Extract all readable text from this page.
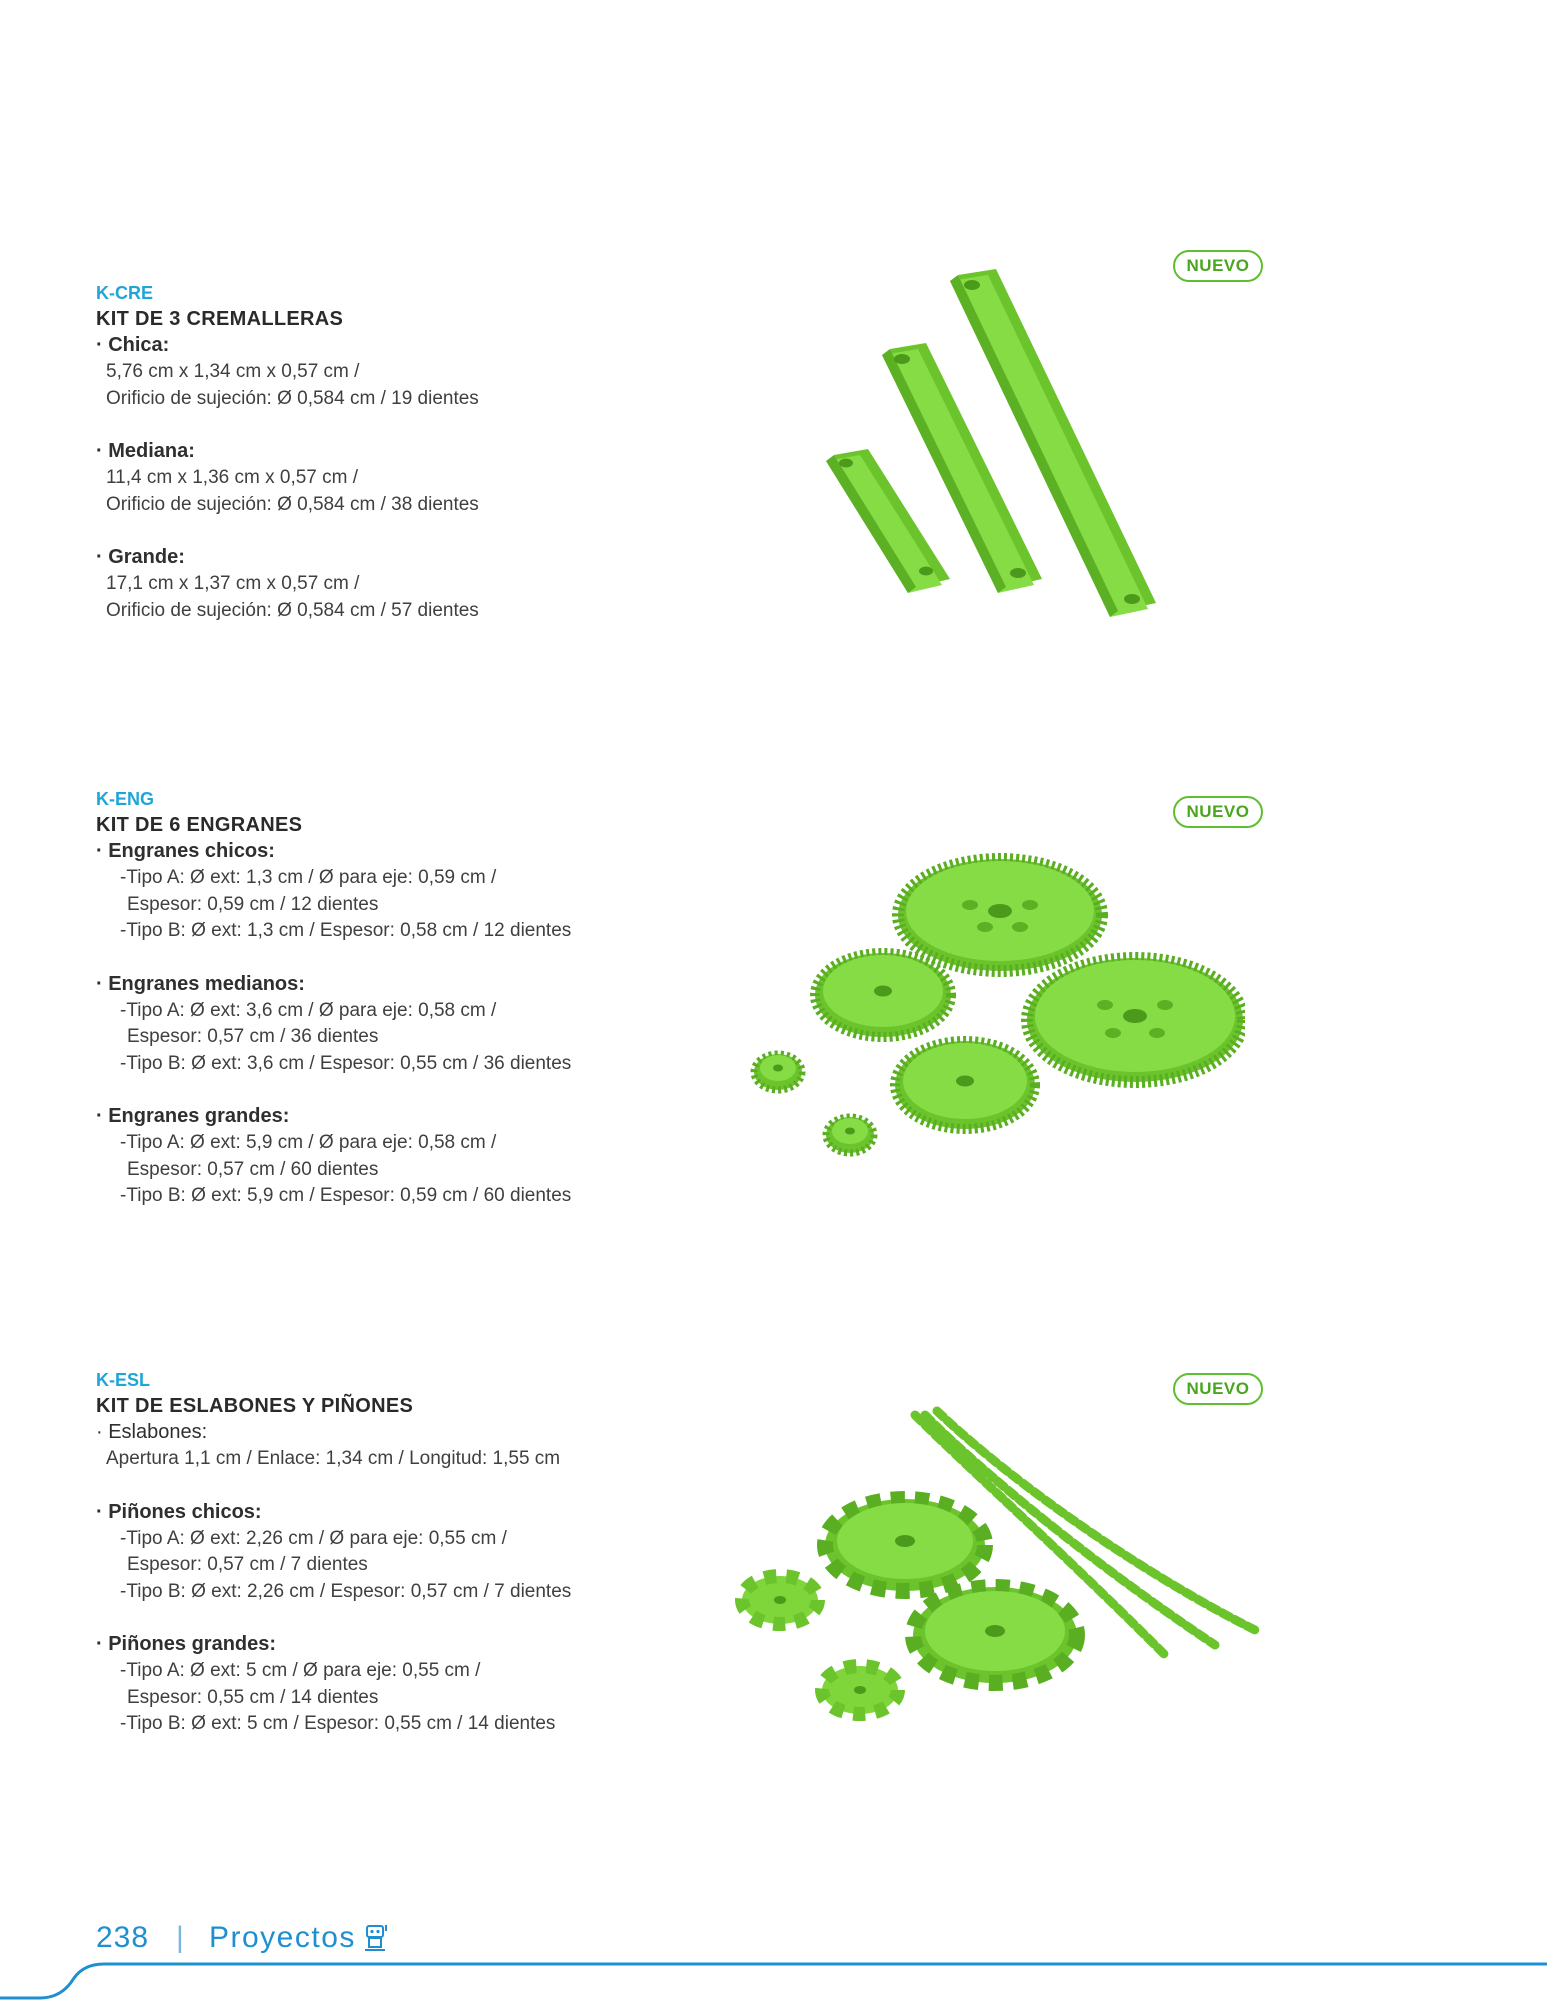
K-CRE
KIT DE 3 CREMALLERAS
· Chica:
5,76 cm x 1,34 cm x 0,57 cm /
Orificio de sujeción: Ø 0,584 cm / 19 dientes
· Mediana:
11,4 cm x 1,36 cm x 0,57 cm /
Orificio de sujeción: Ø 0,584 cm / 38 dientes
· Grande:
17,1 cm x 1,37 cm x 0,57 cm /
Orificio de sujeción: Ø 0,584 cm / 57 dientes
NUEVO
K-ENG
KIT DE 6 ENGRANES
· Engranes chicos:
-Tipo A: Ø ext: 1,3 cm / Ø para eje: 0,59 cm /
Espesor: 0,59 cm / 12 dientes
-Tipo B: Ø ext: 1,3 cm / Espesor: 0,58 cm / 12 dientes
· Engranes medianos:
-Tipo A: Ø ext: 3,6 cm / Ø para eje: 0,58 cm /
Espesor: 0,57 cm / 36 dientes
-Tipo B: Ø ext: 3,6 cm / Espesor: 0,55 cm / 36 dientes
· Engranes grandes:
-Tipo A: Ø ext: 5,9 cm / Ø para eje: 0,58 cm /
Espesor: 0,57 cm / 60 dientes
-Tipo B: Ø ext: 5,9 cm / Espesor: 0,59 cm / 60 dientes
NUEVO
K-ESL
KIT DE ESLABONES Y PIÑONES
· Eslabones:
Apertura 1,1 cm / Enlace: 1,34 cm / Longitud: 1,55 cm
· Piñones chicos:
-Tipo A: Ø ext: 2,26 cm / Ø para eje: 0,55 cm /
Espesor: 0,57 cm / 7 dientes
-Tipo B: Ø ext: 2,26 cm / Espesor: 0,57 cm / 7 dientes
· Piñones grandes:
-Tipo A: Ø ext: 5 cm / Ø para eje: 0,55 cm /
Espesor: 0,55 cm / 14 dientes
-Tipo B: Ø ext: 5 cm / Espesor: 0,55 cm / 14 dientes
NUEVO
238 | Proyectos
